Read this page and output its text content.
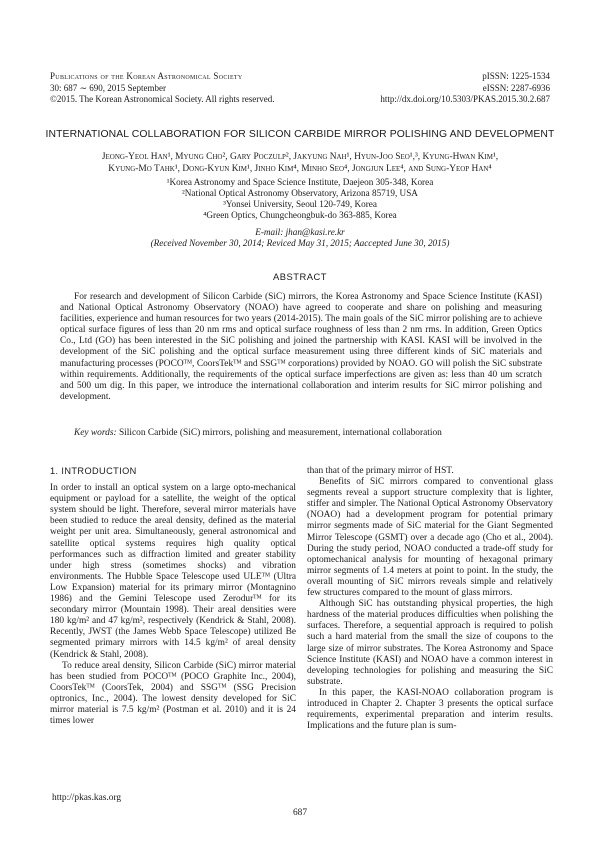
Publications of the Korean Astronomical Society
30: 687 ∼ 690, 2015 September
©2015. The Korean Astronomical Society. All rights reserved.
pISSN: 1225-1534
eISSN: 2287-6936
http://dx.doi.org/10.5303/PKAS.2015.30.2.687
INTERNATIONAL COLLABORATION FOR SILICON CARBIDE MIRROR POLISHING AND DEVELOPMENT
Jeong-Yeol Han¹, Myung Cho², Gary Poczulp², Jakyung Nah¹, Hyun-Joo Seo¹,³, Kyung-Hwan Kim¹,
Kyung-Mo Tahk¹, Dong-Kyun Kim¹, Jinho Kim⁴, Minho Seo⁴, Jongjun Lee⁴, and Sung-Yeop Han⁴
¹Korea Astronomy and Space Science Institute, Daejeon 305-348, Korea
²National Optical Astronomy Observatory, Arizona 85719, USA
³Yonsei University, Seoul 120-749, Korea
⁴Green Optics, Chungcheongbuk-do 363-885, Korea
E-mail: jhan@kasi.re.kr
(Received November 30, 2014; Reviced May 31, 2015; Aaccepted June 30, 2015)
ABSTRACT

For research and development of Silicon Carbide (SiC) mirrors, the Korea Astronomy and Space Science Institute (KASI) and National Optical Astronomy Observatory (NOAO) have agreed to cooperate and share on polishing and measuring facilities, experience and human resources for two years (2014-2015). The main goals of the SiC mirror polishing are to achieve optical surface figures of less than 20 nm rms and optical surface roughness of less than 2 nm rms. In addition, Green Optics Co., Ltd (GO) has been interested in the SiC polishing and joined the partnership with KASI. KASI will be involved in the development of the SiC polishing and the optical surface measurement using three different kinds of SiC materials and manufacturing processes (POCOᵀᴹ, CoorsTekᵀᴹ and SSGᵀᴹ corporations) provided by NOAO. GO will polish the SiC substrate within requirements. Additionally, the requirements of the optical surface imperfections are given as: less than 40 um scratch and 500 um dig. In this paper, we introduce the international collaboration and interim results for SiC mirror polishing and development.

Key words: Silicon Carbide (SiC) mirrors, polishing and measurement, international collaboration
1. INTRODUCTION

In order to install an optical system on a large opto-mechanical equipment or payload for a satellite, the weight of the optical system should be light. Therefore, several mirror materials have been studied to reduce the areal density, defined as the material weight per unit area. Simultaneously, general astronomical and satellite optical systems requires high quality optical performances such as diffraction limited and greater stability under high stress (sometimes shocks) and vibration environments. The Hubble Space Telescope used ULEᵀᴹ (Ultra Low Expansion) material for its primary mirror (Montagnino 1986) and the Gemini Telescope used Zerodurᵀᴹ for its secondary mirror (Mountain 1998). Their areal densities were 180 kg/m² and 47 kg/m², respectively (Kendrick & Stahl, 2008). Recently, JWST (the James Webb Space Telescope) utilized Be segmented primary mirrors with 14.5 kg/m² of areal density (Kendrick & Stahl, 2008).

To reduce areal density, Silicon Carbide (SiC) mirror material has been studied from POCOᵀᴹ (POCO Graphite Inc., 2004), CoorsTekᵀᴹ (CoorsTek, 2004) and SSGᵀᴹ (SSG Precision optronics, Inc., 2004). The lowest density developed for SiC mirror material is 7.5 kg/m² (Postman et al. 2010) and it is 24 times lower

than that of the primary mirror of HST.

Benefits of SiC mirrors compared to conventional glass segments reveal a support structure complexity that is lighter, stiffer and simpler. The National Optical Astronomy Observatory (NOAO) had a development program for potential primary mirror segments made of SiC material for the Giant Segmented Mirror Telescope (GSMT) over a decade ago (Cho et al., 2004). During the study period, NOAO conducted a trade-off study for optomechanical analysis for mounting of hexagonal primary mirror segments of 1.4 meters at point to point. In the study, the overall mounting of SiC mirrors reveals simple and relatively few structures compared to the mount of glass mirrors.

Although SiC has outstanding physical properties, the high hardness of the material produces difficulties when polishing the surfaces. Therefore, a sequential approach is required to polish such a hard material from the small the size of coupons to the large size of mirror substrates. The Korea Astronomy and Space Science Institute (KASI) and NOAO have a common interest in developing technologies for polishing and measuring the SiC substrate.

In this paper, the KASI-NOAO collaboration program is introduced in Chapter 2. Chapter 3 presents the optical surface requirements, experimental preparation and interim results. Implications and the future plan is sum-

http://pkas.kas.org
687
